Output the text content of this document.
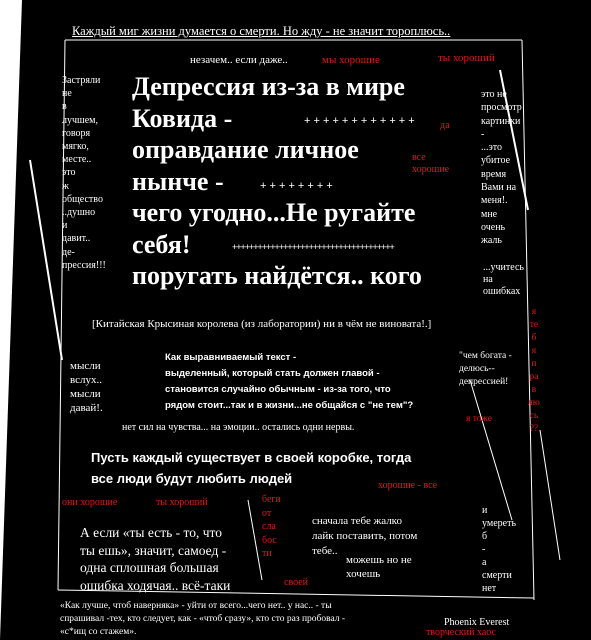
Каждый миг жизни думается о смерти. Но жду - не значит тороплюсь..
незачем.. если даже..	мы хорошие	ты хороший
Застряли
не
в
лучшем,
говоря
мягко,
месте..
это
ж
общество
..душно
и
давит..
де-
прессия!!!
Депрессия из-за в мире
Ковида -
оправдание личное
нынче -
чего угодно...Не ругайте
себя!
поругать найдётся.. кого
+ + + + + + + + + + + +
+ + + + + + + +
++++++++++++++++++++++++++++++++++++++
да
все
хорошие
это не
просмотр
картинки
-
...это
убитое
время
Вами на
меня!.
мне
очень
жаль
...учитесь
на
ошибках
[Китайская Крысиная королева (из лаборатории) ни в чём не виновата!.]
я
те
б
я
п
ра
в
лю
сь
??
мысли
вслух..
мысли
давай!.
Как выравниваемый текст -
выделенный, который стать должен главой -
становится случайно обычным - из-за того, что
рядом стоит...так и в жизни...не общайся с "не тем"?
"чем богата -
делюсь--
депрессией!
я тоже
нет сил на чувства... на эмоции.. остались одни нервы.
Пусть каждый существует в своей коробке, тогда
все люди будут любить людей	хорошие - все
они хорошие	ты хороший	беги
от
сла
бос
ти
своей
А если «ты есть - то, что
ты ешь», значит, самоед -
одна сплошная большая
ошибка ходячая.. всё-таки
сначала тебе жалко
лайк поставить, потом
тебе..
можешь но не
хочешь
и
умереть
б
-
а
смерти
нет
«Как лучше, чтоб наверняка» - уйти от всего...чего нет.. у нас.. - ты
спрашивал -тех, кто следует, как - «чтоб сразу», кто сто раз пробовал -
«с*ищ со стажем».
Phoenix Everest
творческий хаос
